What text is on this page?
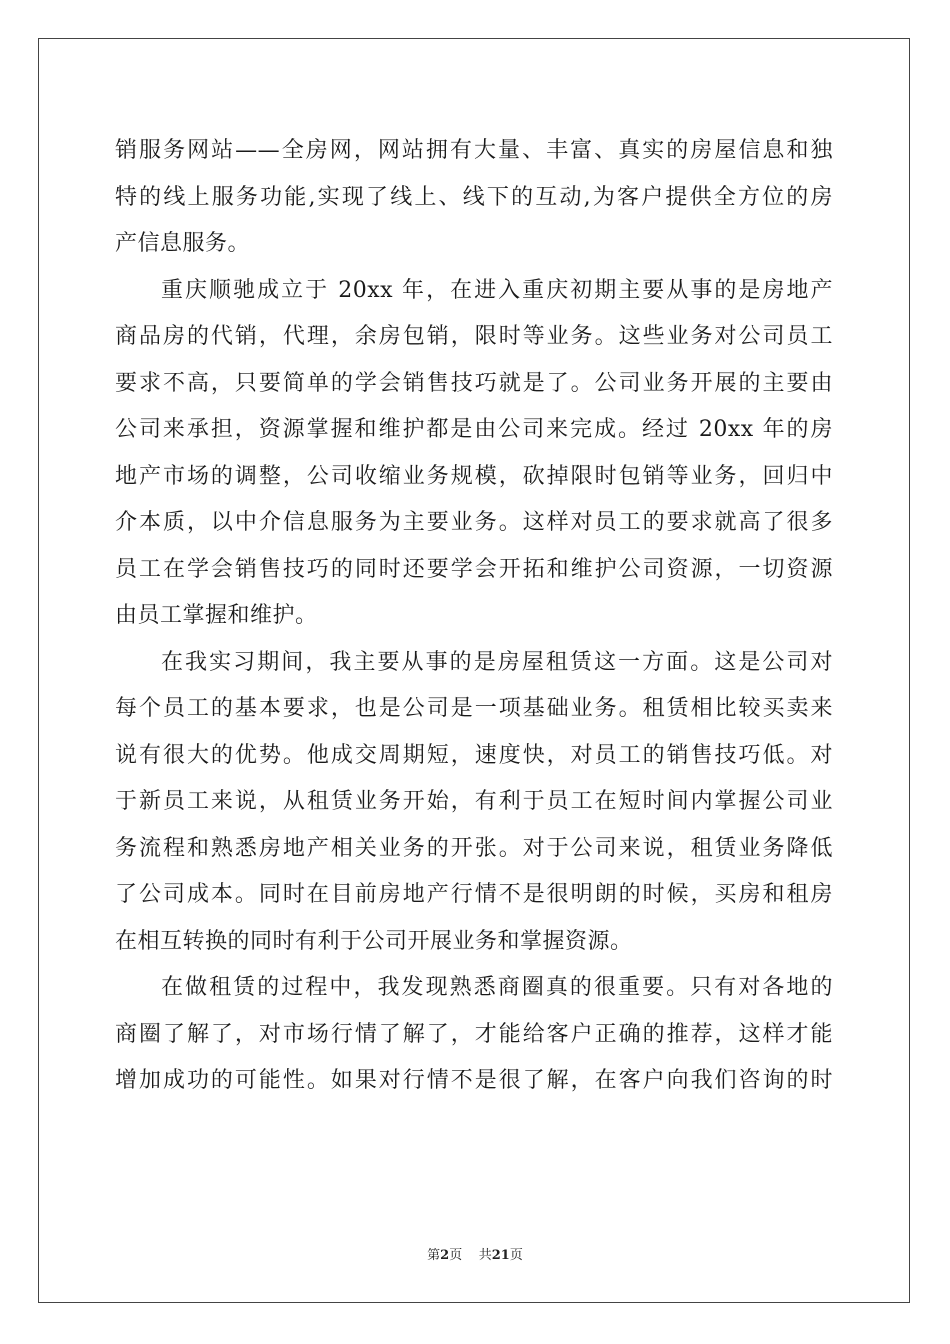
销服务网站——全房网，网站拥有大量、丰富、真实的房屋信息和独
特的线上服务功能,实现了线上、线下的互动,为客户提供全方位的房
产信息服务。
重庆顺驰成立于 20xx 年，在进入重庆初期主要从事的是房地产
商品房的代销，代理，余房包销，限时等业务。这些业务对公司员工
要求不高，只要简单的学会销售技巧就是了。公司业务开展的主要由
公司来承担，资源掌握和维护都是由公司来完成。经过 20xx 年的房
地产市场的调整，公司收缩业务规模，砍掉限时包销等业务，回归中
介本质，以中介信息服务为主要业务。这样对员工的要求就高了很多
员工在学会销售技巧的同时还要学会开拓和维护公司资源，一切资源
由员工掌握和维护。
在我实习期间，我主要从事的是房屋租赁这一方面。这是公司对
每个员工的基本要求，也是公司是一项基础业务。租赁相比较买卖来
说有很大的优势。他成交周期短，速度快，对员工的销售技巧低。对
于新员工来说，从租赁业务开始，有利于员工在短时间内掌握公司业
务流程和熟悉房地产相关业务的开张。对于公司来说，租赁业务降低
了公司成本。同时在目前房地产行情不是很明朗的时候，买房和租房
在相互转换的同时有利于公司开展业务和掌握资源。
在做租赁的过程中，我发现熟悉商圈真的很重要。只有对各地的
商圈了解了，对市场行情了解了，才能给客户正确的推荐，这样才能
增加成功的可能性。如果对行情不是很了解，在客户向我们咨询的时
第2页 共21页
